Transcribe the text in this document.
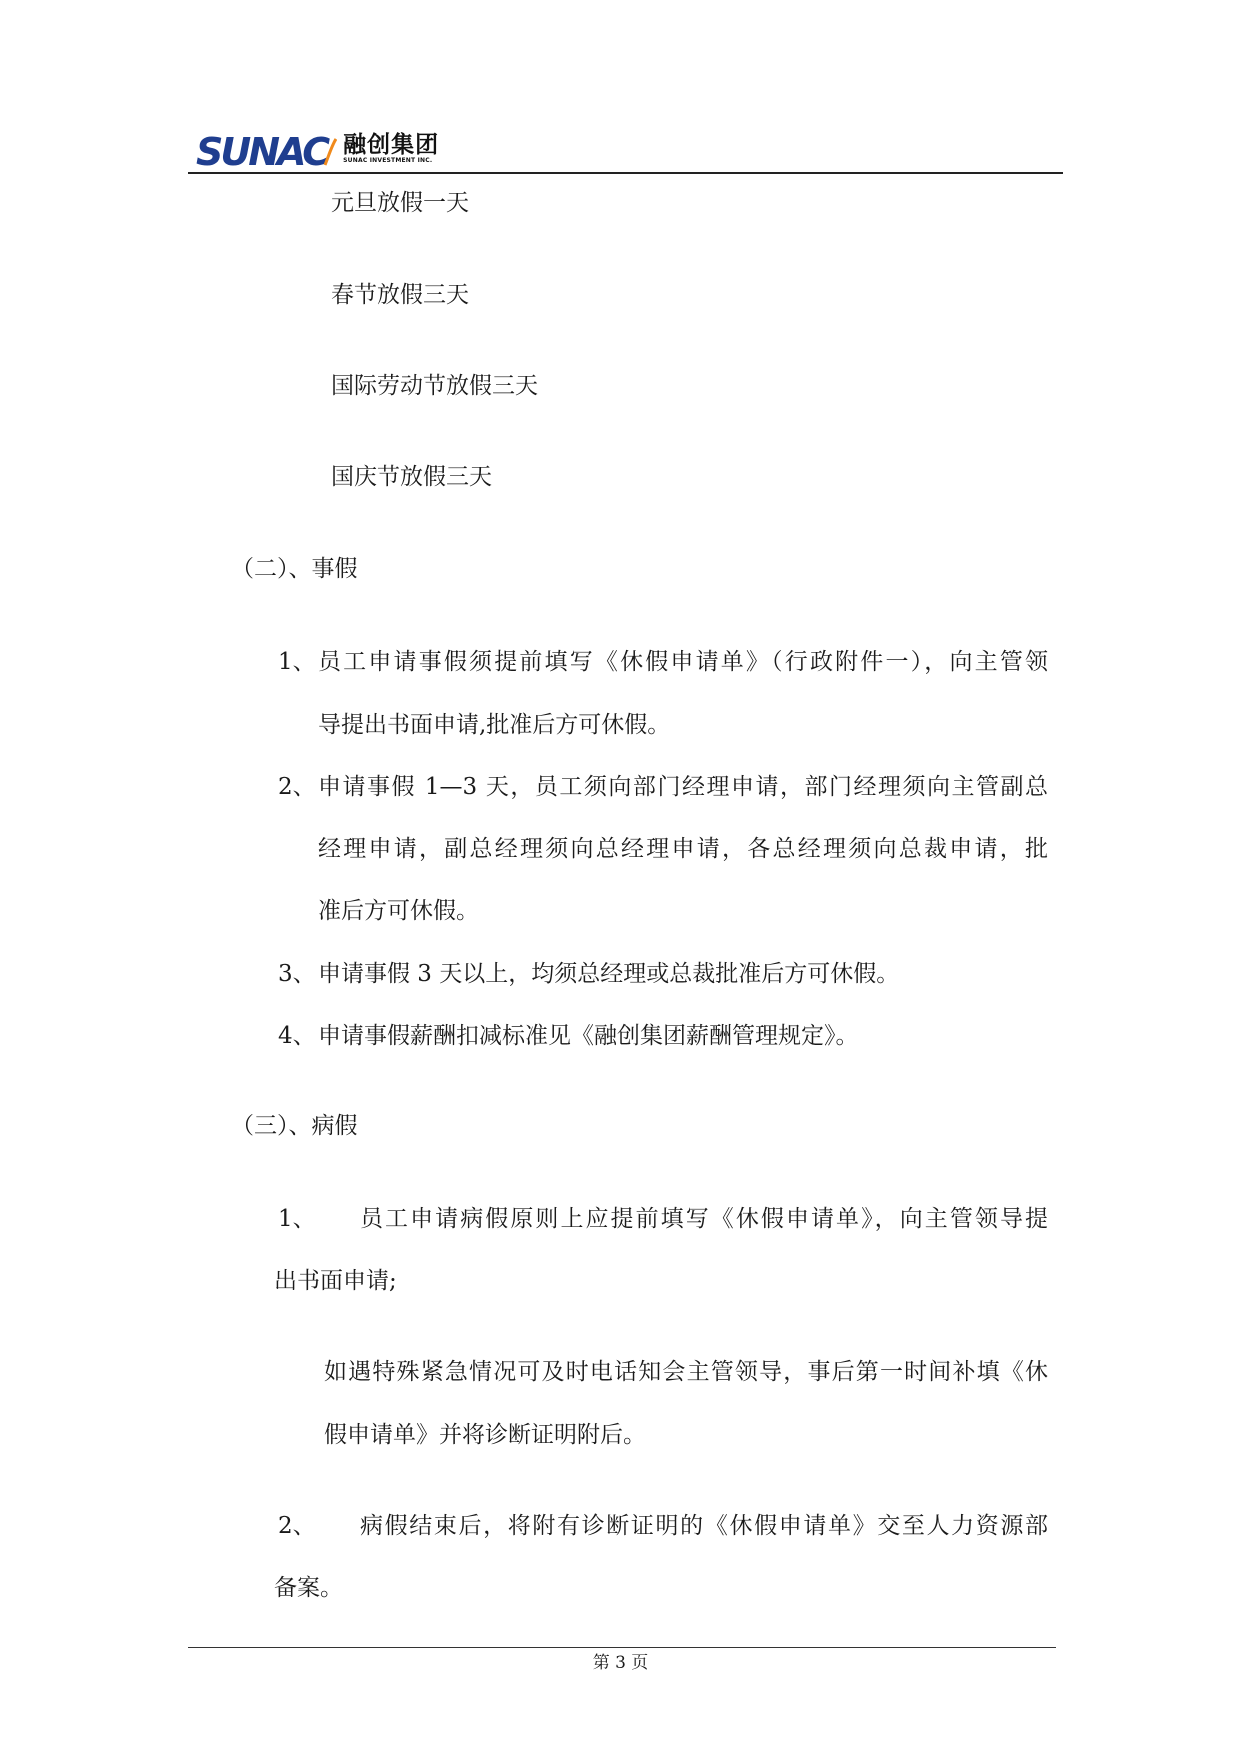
SUNAC 融创集团
SUNAC INVESTMENT INC.
元旦放假一天
春节放假三天
国际劳动节放假三天
国庆节放假三天
（二）、事假
1、 员工申请事假须提前填写《休假申请单》（行政附件一），向主管领
导提出书面申请,批准后方可休假。
2、 申请事假 1—3 天，员工须向部门经理申请，部门经理须向主管副总
经理申请，副总经理须向总经理申请，各总经理须向总裁申请，批
准后方可休假。
3、 申请事假 3 天以上，均须总经理或总裁批准后方可休假。
4、 申请事假薪酬扣减标准见《融创集团薪酬管理规定》。
（三）、病假
1、 员工申请病假原则上应提前填写《休假申请单》，向主管领导提
出书面申请;
如遇特殊紧急情况可及时电话知会主管领导，事后第一时间补填《休
假申请单》并将诊断证明附后。
2、 病假结束后，将附有诊断证明的《休假申请单》交至人力资源部
备案。
第 3 页
